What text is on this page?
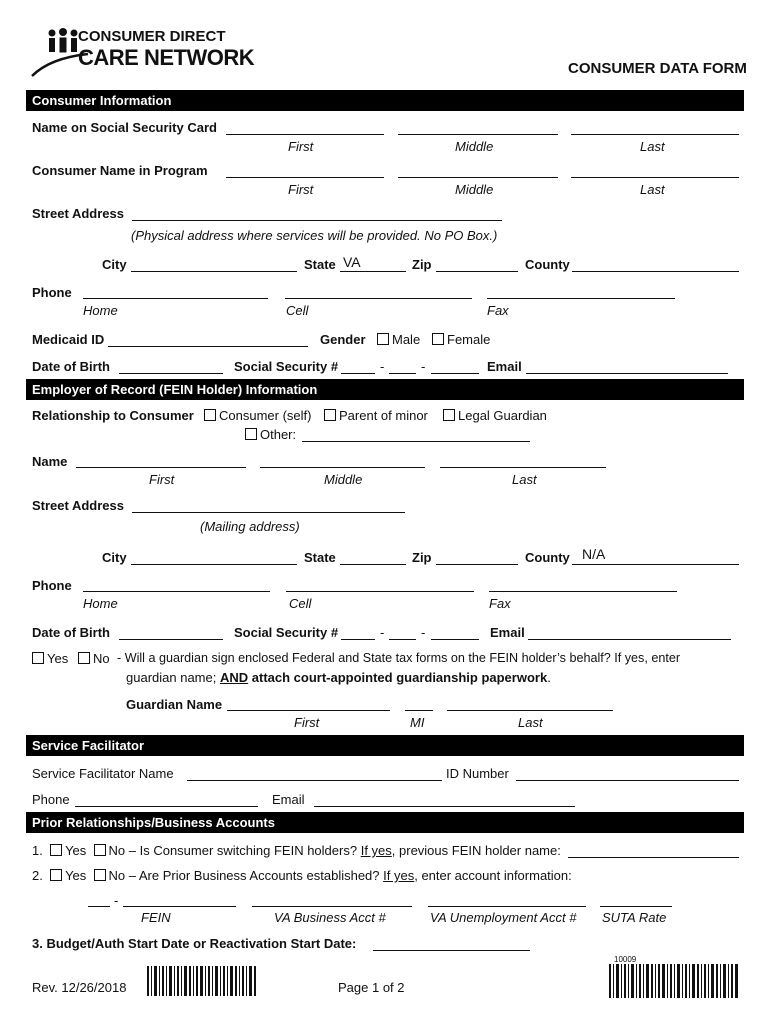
CONSUMER DIRECT
CARE NETWORK	CONSUMER DATA FORM
Consumer Information
Name on Social Security Card
First	Middle	Last
Consumer Name in Program
First	Middle	Last
Street Address
(Physical address where services will be provided. No PO Box.)
City	State VA	Zip	County
Phone
Home	Cell	Fax
Medicaid ID	Gender	Male	Female
Date of Birth	Social Security #	-	-	Email
Employer of Record (FEIN Holder) Information
Relationship to Consumer	Consumer (self)	Parent of minor	Legal Guardian
Other:
Name
First	Middle	Last
Street Address
(Mailing address)
City	State	Zip	County N/A
Phone
Home	Cell	Fax
Date of Birth	Social Security #	-	-	Email
Yes	No - Will a guardian sign enclosed Federal and State tax forms on the FEIN holder’s behalf? If yes, enter
guardian name; AND attach court-appointed guardianship paperwork.
Guardian Name
First	MI	Last
Service Facilitator
Service Facilitator Name	ID Number
Phone	Email
Prior Relationships/Business Accounts
1. Yes No – Is Consumer switching FEIN holders? If yes, previous FEIN holder name:
2. Yes No – Are Prior Business Accounts established? If yes, enter account information:
-
FEIN	VA Business Acct #	VA Unemployment Acct # SUTA Rate
3. Budget/Auth Start Date or Reactivation Start Date:
Rev. 12/26/2018	Page 1 of 2
10009
